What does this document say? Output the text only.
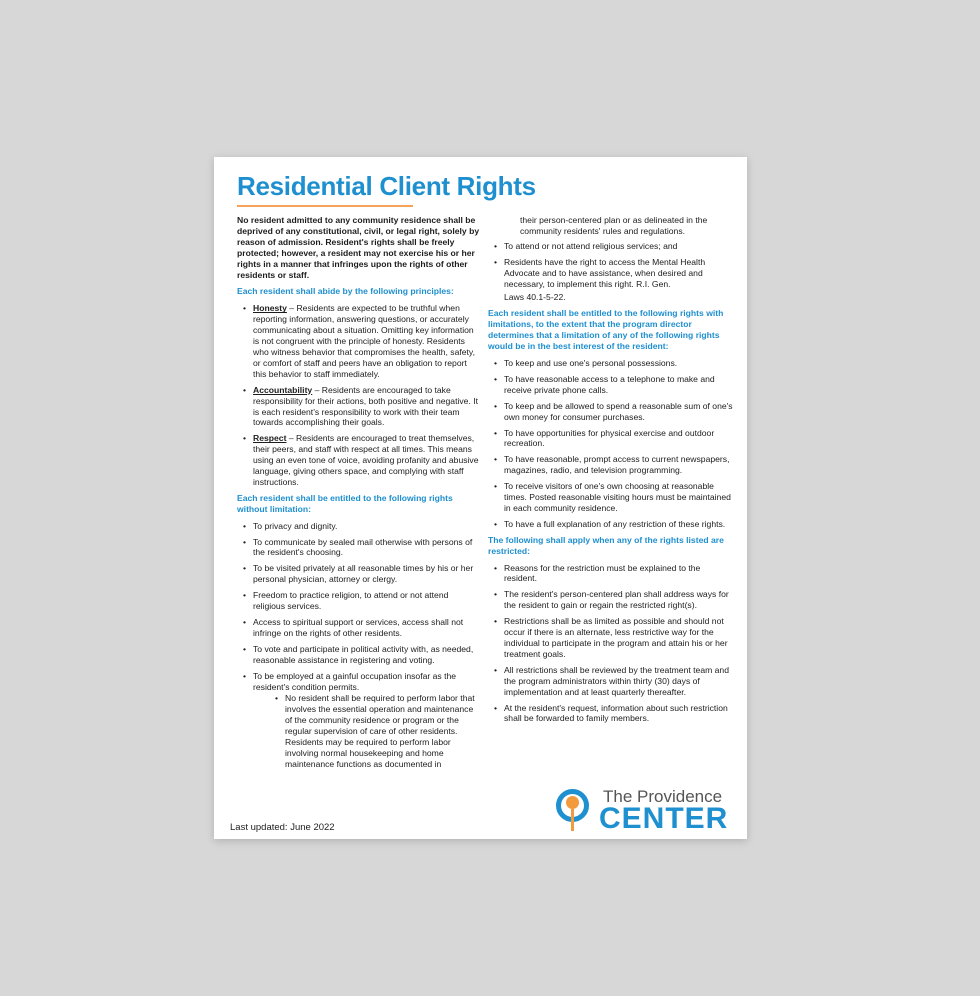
Residential Client Rights

No resident admitted to any community residence shall be deprived of any constitutional, civil, or legal right, solely by reason of admission. Resident's rights shall be freely protected; however, a resident may not exercise his or her rights in a manner that infringes upon the rights of other residents or staff.

Each resident shall abide by the following principles:
• Honesty – Residents are expected to be truthful when reporting information, answering questions, or accurately communicating about a situation. Omitting key information is not congruent with the principle of honesty. Residents who witness behavior that compromises the health, safety, or comfort of staff and peers have an obligation to report this behavior to staff immediately.
• Accountability – Residents are encouraged to take responsibility for their actions, both positive and negative. It is each resident's responsibility to work with their team towards accomplishing their goals.
• Respect – Residents are encouraged to treat themselves, their peers, and staff with respect at all times. This means using an even tone of voice, avoiding profanity and abusive language, giving others space, and complying with staff instructions.
Each resident shall be entitled to the following rights without limitation:
• To privacy and dignity.
• To communicate by sealed mail otherwise with persons of the resident's choosing.
• To be visited privately at all reasonable times by his or her personal physician, attorney or clergy.
• Freedom to practice religion, to attend or not attend religious services.
• Access to spiritual support or services, access shall not infringe on the rights of other residents.
• To vote and participate in political activity with, as needed, reasonable assistance in registering and voting.
• To be employed at a gainful occupation insofar as the resident's condition permits.
• No resident shall be required to perform labor that involves the essential operation and maintenance of the community residence or program or the regular supervision of care of other residents. Residents may be required to perform labor involving normal housekeeping and home maintenance functions as documented in
their person-centered plan or as delineated in the community residents' rules and regulations.
• To attend or not attend religious services; and
• Residents have the right to access the Mental Health Advocate and to have assistance, when desired and necessary, to implement this right. R.I. Gen.
Laws 40.1-5-22.
Each resident shall be entitled to the following rights with limitations, to the extent that the program director determines that a limitation of any of the following rights would be in the best interest of the resident:
• To keep and use one's personal possessions.
• To have reasonable access to a telephone to make and receive private phone calls.
• To keep and be allowed to spend a reasonable sum of one's own money for consumer purchases.
• To have opportunities for physical exercise and outdoor recreation.
• To have reasonable, prompt access to current newspapers, magazines, radio, and television programming.
• To receive visitors of one's own choosing at reasonable times. Posted reasonable visiting hours must be maintained in each community residence.
• To have a full explanation of any restriction of these rights.
The following shall apply when any of the rights listed are restricted:
• Reasons for the restriction must be explained to the resident.
• The resident's person-centered plan shall address ways for the resident to gain or regain the restricted right(s).
• Restrictions shall be as limited as possible and should not occur if there is an alternate, less restrictive way for the individual to participate in the program and attain his or her treatment goals.
• All restrictions shall be reviewed by the treatment team and the program administrators within thirty (30) days of implementation and at least quarterly thereafter.
• At the resident's request, information about such restriction shall be forwarded to family members.
Last updated: June 2022
The Providence
CENTER
